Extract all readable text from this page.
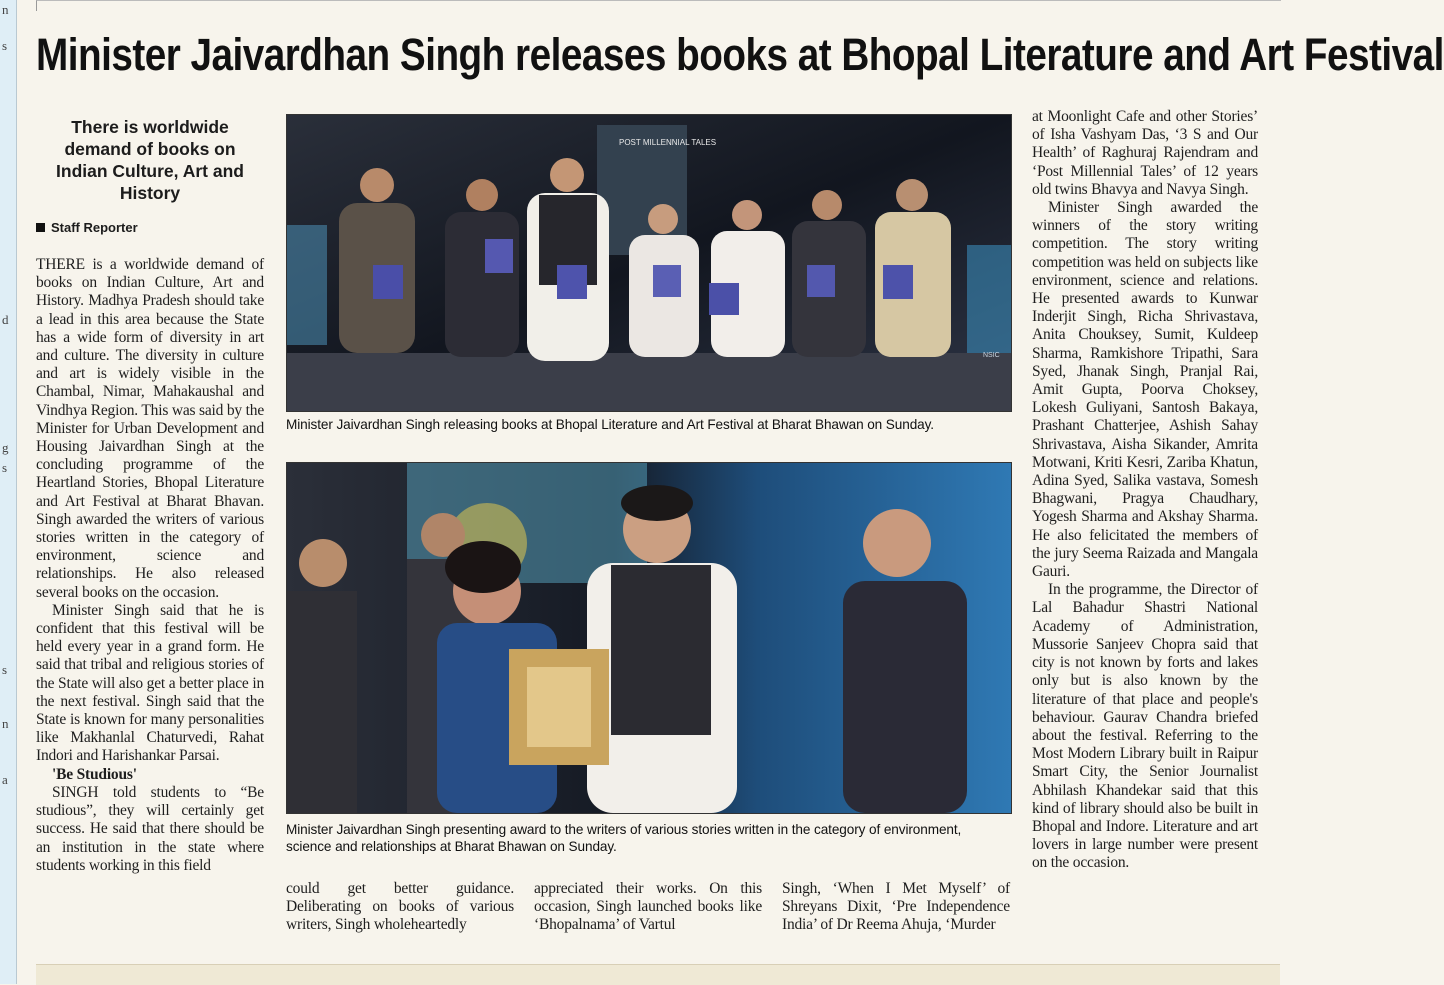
n
s
d
g
s
s
n
a
Minister Jaivardhan Singh releases books at Bhopal Literature and Art Festival
There is worldwide demand of books on Indian Culture, Art and History
Staff Reporter

THERE is a worldwide demand of books on Indian Culture, Art and History. Madhya Pradesh should take a lead in this area because the State has a wide form of diversity in art and culture. The diversity in culture and art is widely visible in the Chambal, Nimar, Mahakaushal and Vindhya Region. This was said by the Minister for Urban Development and Housing Jaivardhan Singh at the concluding programme of the Heartland Stories, Bhopal Literature and Art Festival at Bharat Bhavan. Singh awarded the writers of various stories written in the category of environment, science and relationships. He also released several books on the occasion.

Minister Singh said that he is confident that this festival will be held every year in a grand form. He said that tribal and religious stories of the State will also get a better place in the next festival. Singh said that the State is known for many personalities like Makhanlal Chaturvedi, Rahat Indori and Harishankar Parsai.

'Be Studious'

SINGH told students to “Be studious”, they will certainly get success. He said that there should be an institution in the state where students working in this field

POST MILLENNIAL TALES
NSIC
Minister Jaivardhan Singh releasing books at Bhopal Literature and Art Festival at Bharat Bhawan on Sunday.
Minister Jaivardhan Singh presenting award to the writers of various stories written in the category of environment, science and relationships at Bharat Bhawan on Sunday.

could get better guidance. Deliberating on books of various writers, Singh wholeheartedly

appreciated their works. On this occasion, Singh launched books like ‘Bhopalnama’ of Vartul

Singh, ‘When I Met Myself’ of Shreyans Dixit, ‘Pre Independence India’ of Dr Reema Ahuja, ‘Murder

at Moonlight Cafe and other Stories’ of Isha Vashyam Das, ‘3 S and Our Health’ of Raghuraj Rajendram and ‘Post Millennial Tales’ of 12 years old twins Bhavya and Navya Singh.

Minister Singh awarded the winners of the story writing competition. The story writing competition was held on subjects like environment, science and relations. He presented awards to Kunwar Inderjit Singh, Richa Shrivastava, Anita Chouksey, Sumit, Kuldeep Sharma, Ramkishore Tripathi, Sara Syed, Jhanak Singh, Pranjal Rai, Amit Gupta, Poorva Choksey, Lokesh Guliyani, Santosh Bakaya, Prashant Chatterjee, Ashish Sahay Shrivastava, Aisha Sikander, Amrita Motwani, Kriti Kesri, Zariba Khatun, Adina Syed, Salika vastava, Somesh Bhagwani, Pragya Chaudhary, Yogesh Sharma and Akshay Sharma. He also felicitated the members of the jury Seema Raizada and Mangala Gauri.

In the programme, the Director of Lal Bahadur Shastri National Academy of Administration, Mussorie Sanjeev Chopra said that city is not known by forts and lakes only but is also known by the literature of that place and people's behaviour. Gaurav Chandra briefed about the festival. Referring to the Most Modern Library built in Raipur Smart City, the Senior Journalist Abhilash Khandekar said that this kind of library should also be built in Bhopal and Indore. Literature and art lovers in large number were present on the occasion.
